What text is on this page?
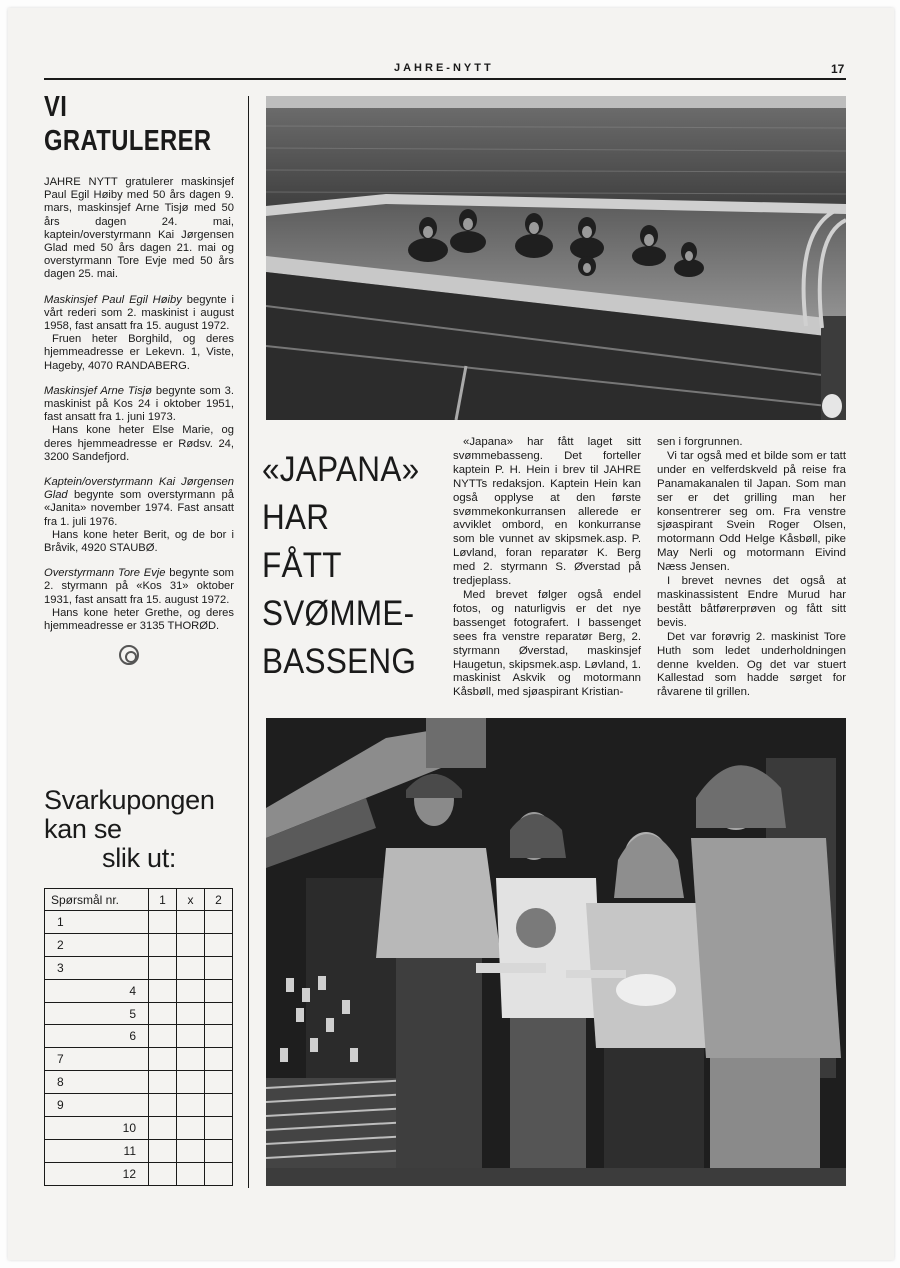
JAHRE-NYTT	17
VI
GRATULERER

JAHRE NYTT gratulerer maskinsjef Paul Egil Høiby med 50 års dagen 9. mars, maskinsjef Arne Tisjø med 50 års dagen 24. mai, kaptein/overstyrmann Kai Jørgensen Glad med 50 års dagen 21. mai og overstyrmann Tore Evje med 50 års dagen 25. mai.

Maskinsjef Paul Egil Høiby begynte i vårt rederi som 2. maskinist i august 1958, fast ansatt fra 15. august 1972.

Fruen heter Borghild, og deres hjemmeadresse er Lekevn. 1, Viste, Hageby, 4070 RANDABERG.

Maskinsjef Arne Tisjø begynte som 3. maskinist på Kos 24 i oktober 1951, fast ansatt fra 1. juni 1973.

Hans kone heter Else Marie, og deres hjemmeadresse er Rødsv. 24, 3200 Sandefjord.

Kaptein/overstyrmann Kai Jørgensen Glad begynte som overstyrmann på «Janita» november 1974. Fast ansatt fra 1. juli 1976.

Hans kone heter Berit, og de bor i Bråvik, 4920 STAUBØ.

Overstyrmann Tore Evje begynte som 2. styrmann på «Kos 31» oktober 1931, fast ansatt fra 15. august 1972.

Hans kone heter Grethe, og deres hjemmeadresse er 3135 THORØD.

Svarkupongen
kan se
slik ut:
Spørsmål nr.	1	x	2
1			
2			
3			
4			
5			
6			
7			
8			
9			
10			
11			
12			
«JAPANA»
HAR
FÅTT
SVØMME-
BASSENG

«Japana» har fått laget sitt svømmebasseng. Det forteller kaptein P. H. Hein i brev til JAHRE NYTTs redaksjon. Kaptein Hein kan også opplyse at den første svømmekonkurransen allerede er avviklet ombord, en konkurranse som ble vunnet av skipsmek.asp. P. Løvland, foran reparatør K. Berg med 2. styrmann S. Øverstad på tredjeplass.

Med brevet følger også endel fotos, og naturligvis er det nye bassenget fotografert. I bassenget sees fra venstre reparatør Berg, 2. styrmann Øverstad, maskinsjef Haugetun, skipsmek.asp. Løvland, 1. maskinist Askvik og motormann Kåsbøll, med sjøaspirant Kristian-

sen i forgrunnen.

Vi tar også med et bilde som er tatt under en velferdskveld på reise fra Panamakanalen til Japan. Som man ser er det grilling man her konsentrerer seg om. Fra venstre sjøaspirant Svein Roger Olsen, motormann Odd Helge Kåsbøll, pike May Nerli og motormann Eivind Næss Jensen.

I brevet nevnes det også at maskinassistent Endre Murud har bestått båtførerprøven og fått sitt bevis.

Det var forøvrig 2. maskinist Tore Huth som ledet underholdningen denne kvelden. Og det var stuert Kallestad som hadde sørget for råvarene til grillen.
